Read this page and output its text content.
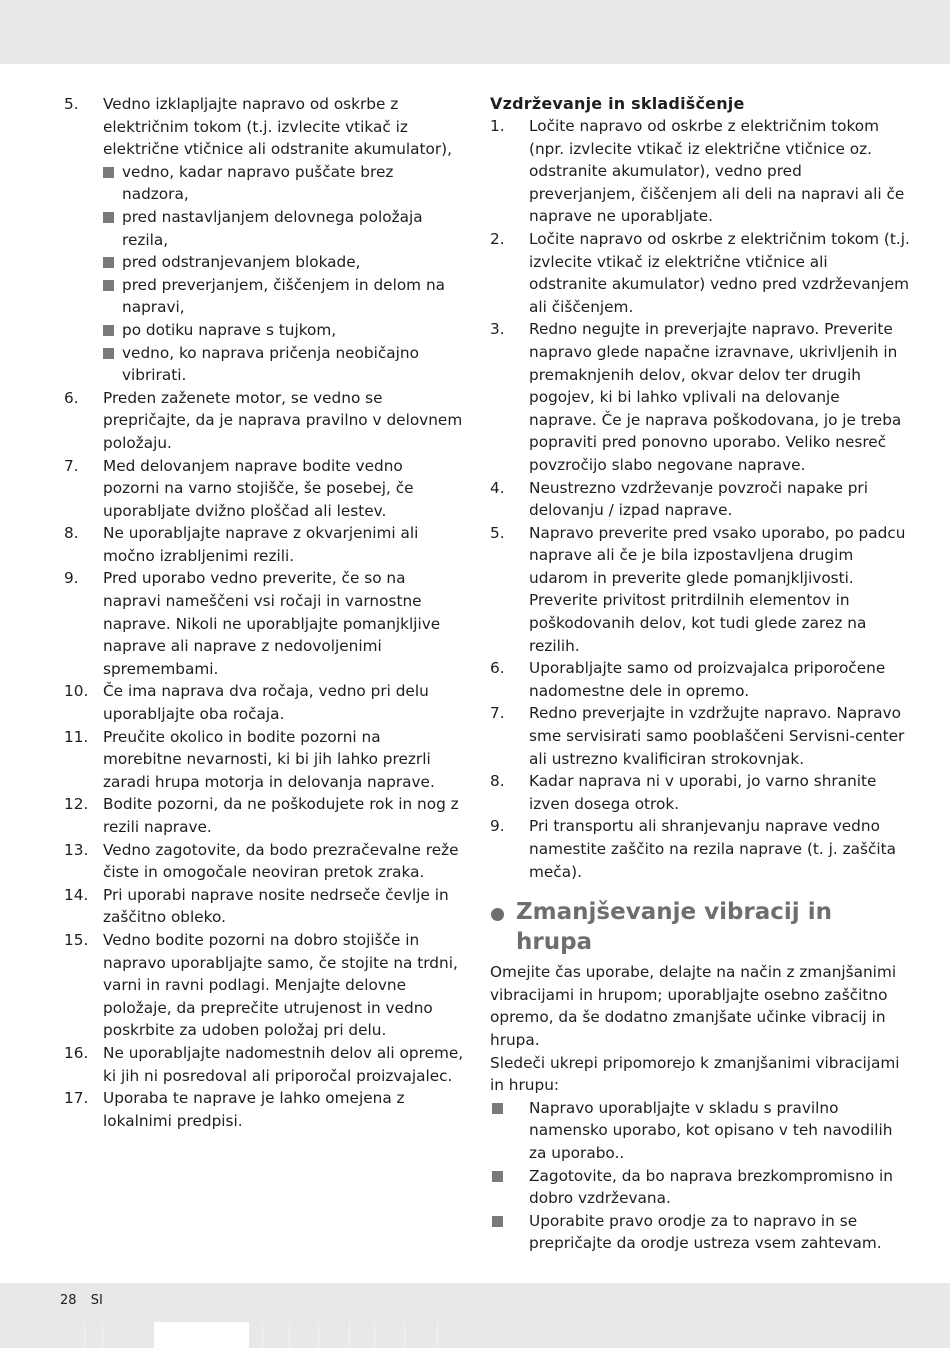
5. Vedno izklapljajte napravo od oskrbe z električnim tokom (t.j. izvlecite vtikač iz električne vtičnice ali odstranite akumulator),
vedno, kadar napravo puščate brez nadzora,
pred nastavljanjem delovnega položaja rezila,
pred odstranjevanjem blokade,
pred preverjanjem, čiščenjem in delom na napravi,
po dotiku naprave s tujkom,
vedno, ko naprava pričenja neobičajno vibrirati.
6. Preden zaženete motor, se vedno se prepričajte, da je naprava pravilno v delovnem položaju.
7. Med delovanjem naprave bodite vedno pozorni na varno stojišče, še posebej, če uporabljate dvižno ploščad ali lestev.
8. Ne uporabljajte naprave z okvarjenimi ali močno izrabljenimi rezili.
9. Pred uporabo vedno preverite, če so na napravi nameščeni vsi ročaji in varnostne naprave. Nikoli ne uporabljajte pomanjkljive naprave ali naprave z nedovoljenimi spremembami.
10. Če ima naprava dva ročaja, vedno pri delu uporabljajte oba ročaja.
11. Preučite okolico in bodite pozorni na morebitne nevarnosti, ki bi jih lahko prezrli zaradi hrupa motorja in delovanja naprave.
12. Bodite pozorni, da ne poškodujete rok in nog z rezili naprave.
13. Vedno zagotovite, da bodo prezračevalne reže čiste in omogočale neoviran pretok zraka.
14. Pri uporabi naprave nosite nedrseče čevlje in zaščitno obleko.
15. Vedno bodite pozorni na dobro stojišče in napravo uporabljajte samo, če stojite na trdni, varni in ravni podlagi. Menjajte delovne položaje, da preprečite utrujenost in vedno poskrbite za udoben položaj pri delu.
16. Ne uporabljajte nadomestnih delov ali opreme, ki jih ni posredoval ali priporočal proizvajalec.
17. Uporaba te naprave je lahko omejena z lokalnimi predpisi.
Vzdrževanje in skladiščenje
1. Ločite napravo od oskrbe z električnim tokom (npr. izvlecite vtikač iz električne vtičnice oz. odstranite akumulator), vedno pred preverjanjem, čiščenjem ali deli na napravi ali če naprave ne uporabljate.
2. Ločite napravo od oskrbe z električnim tokom (t.j. izvlecite vtikač iz električne vtičnice ali odstranite akumulator) vedno pred vzdrževanjem ali čiščenjem.
3. Redno negujte in preverjajte napravo. Preverite napravo glede napačne izravnave, ukrivljenih in premaknjenih delov, okvar delov ter drugih pogojev, ki bi lahko vplivali na delovanje naprave. Če je naprava poškodovana, jo je treba popraviti pred ponovno uporabo. Veliko nesreč povzročijo slabo negovane naprave.
4. Neustrezno vzdrževanje povzroči napake pri delovanju / izpad naprave.
5. Napravo preverite pred vsako uporabo, po padcu naprave ali če je bila izpostavljena drugim udarom in preverite glede pomanjkljivosti. Preverite privitost pritrdilnih elementov in poškodovanih delov, kot tudi glede zarez na rezilih.
6. Uporabljajte samo od proizvajalca priporočene nadomestne dele in opremo.
7. Redno preverjajte in vzdržujte napravo. Napravo sme servisirati samo pooblaščeni Servisni-center ali ustrezno kvalificiran strokovnjak.
8. Kadar naprava ni v uporabi, jo varno shranite izven dosega otrok.
9. Pri transportu ali shranjevanju naprave vedno namestite zaščito na rezila naprave (t. j. zaščita meča).
Zmanjševanje vibracij in hrupa
Omejite čas uporabe, delajte na način z zmanjšanimi vibracijami in hrupom; uporabljajte osebno zaščitno opremo, da še dodatno zmanjšate učinke vibracij in hrupa.
Sledeči ukrepi pripomorejo k zmanjšanimi vibracijami in hrupu:
Napravo uporabljajte v skladu s pravilno namensko uporabo, kot opisano v teh navodilih za uporabo..
Zagotovite, da bo naprava brezkompromisno in dobro vzdrževana.
Uporabite pravo orodje za to napravo in se prepričajte da orodje ustreza vsem zahtevam.
28 SI
